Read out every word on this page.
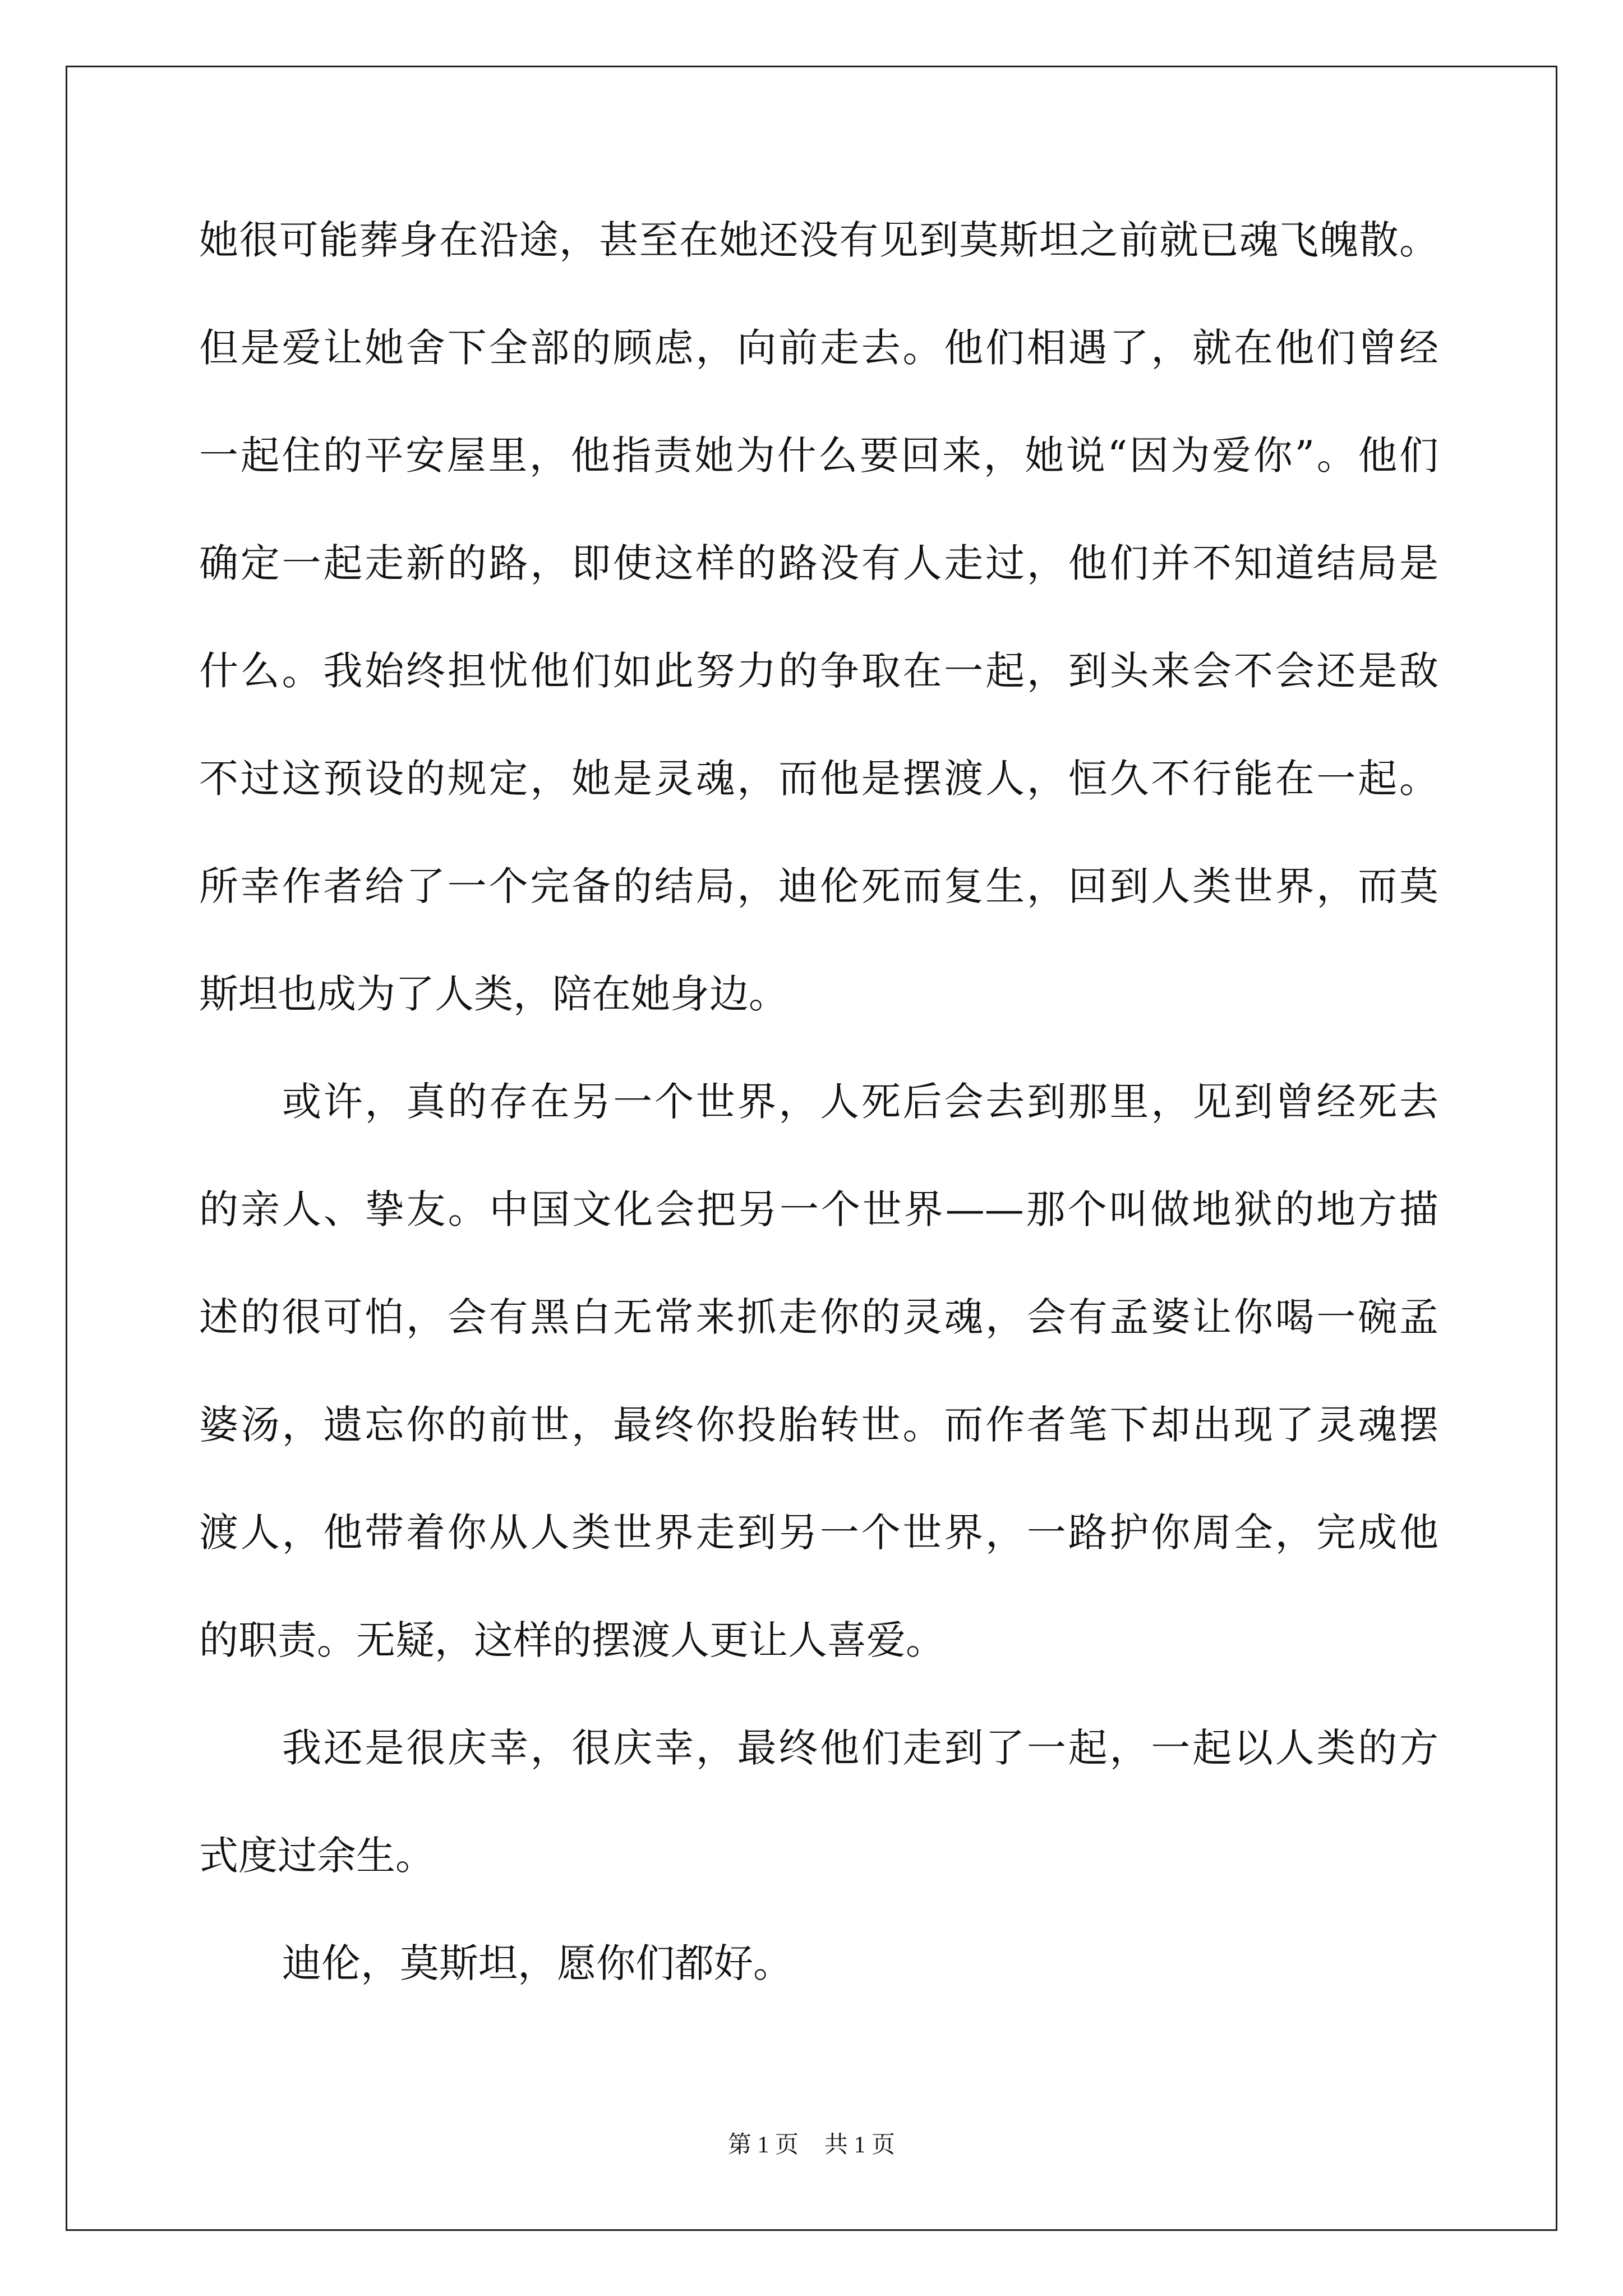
她很可能葬身在沿途，甚至在她还没有见到莫斯坦之前就已魂飞魄散。
但是爱让她舍下全部的顾虑，向前走去。他们相遇了，就在他们曾经
一起住的平安屋里，他指责她为什么要回来，她说“因为爱你”。他们
确定一起走新的路，即使这样的路没有人走过，他们并不知道结局是
什么。我始终担忧他们如此努力的争取在一起，到头来会不会还是敌
不过这预设的规定，她是灵魂，而他是摆渡人，恒久不行能在一起。
所幸作者给了一个完备的结局，迪伦死而复生，回到人类世界，而莫
斯坦也成为了人类，陪在她身边。
或许，真的存在另一个世界，人死后会去到那里，见到曾经死去
的亲人、挚友。中国文化会把另一个世界——那个叫做地狱的地方描
述的很可怕，会有黑白无常来抓走你的灵魂，会有孟婆让你喝一碗孟
婆汤，遗忘你的前世，最终你投胎转世。而作者笔下却出现了灵魂摆
渡人，他带着你从人类世界走到另一个世界，一路护你周全，完成他
的职责。无疑，这样的摆渡人更让人喜爱。
我还是很庆幸，很庆幸，最终他们走到了一起，一起以人类的方
式度过余生。
迪伦，莫斯坦，愿你们都好。
第 1 页 共 1 页
